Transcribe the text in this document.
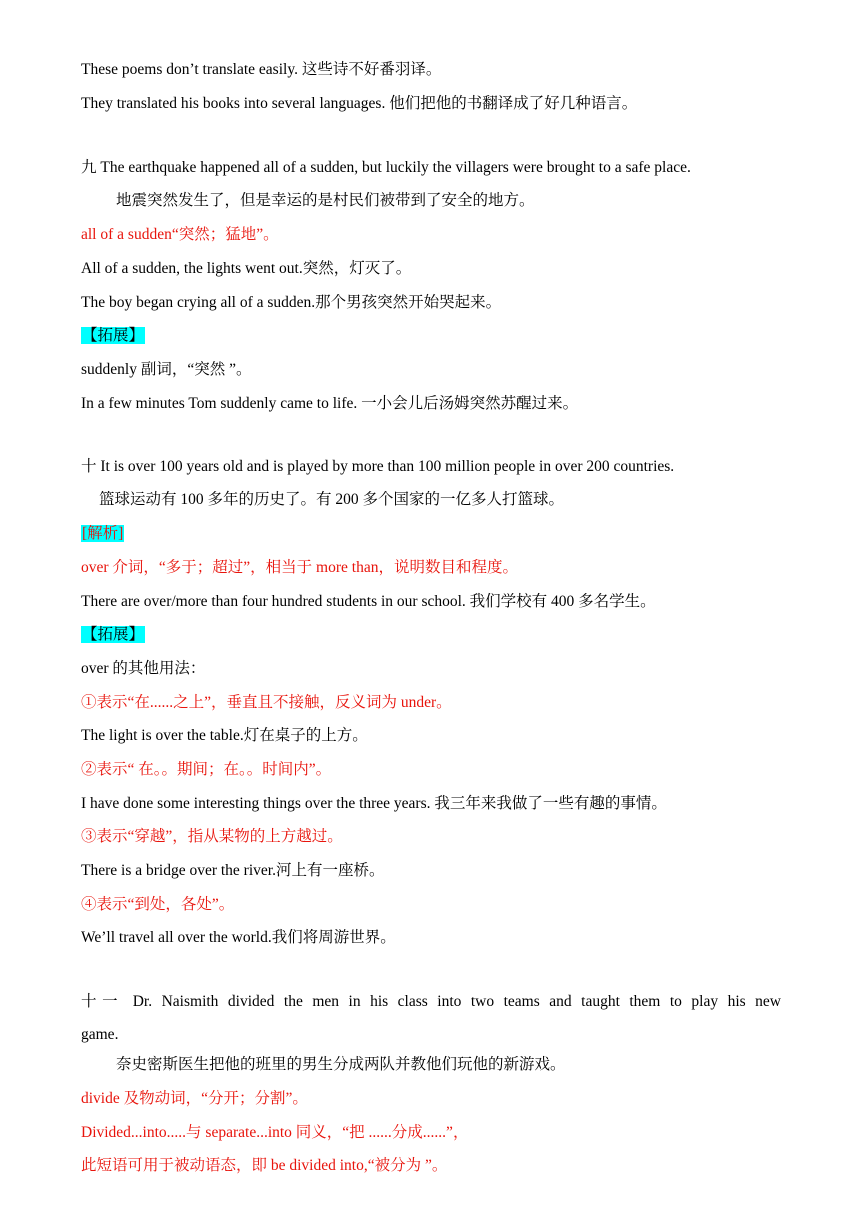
These poems don’t translate easily. 这些诗不好番羽译。
They translated his books into several languages. 他们把他的书翻译成了好几种语言。
九 The earthquake happened all of a sudden, but luckily the villagers were brought to a safe place.
地震突然发生了，但是幸运的是村民们被带到了安全的地方。
all of a sudden“突然；猛地”。
All of a sudden, the lights went out.突然，灯灭了。
The boy began crying all of a sudden.那个男孩突然开始哭起来。
【拓展】
suddenly 副词，“突然 ”。
In a few minutes Tom suddenly came to life. 一小会儿后汤姆突然苏醒过来。
十 It is over 100 years old and is played by more than 100 million people in over 200 countries.
篮球运动有 100 多年的历史了。有 200 多个国家的一亿多人打篮球。
[解析]
over 介词，“多于；超过”，相当于 more than，说明数目和程度。
There are over/more than four hundred students in our school. 我们学校有 400 多名学生。
【拓展】
over 的其他用法：
①表示“在......之上”，垂直且不接触，反义词为 under。
The light is over the table.灯在桌子的上方。
②表示“ 在。。期间；在。。时间内”。
I have done some interesting things over the three years. 我三年来我做了一些有趣的事情。
③表示“穿越”，指从某物的上方越过。
There is a bridge over the river.河上有一座桥。
④表示“到处，各处”。
We’ll travel all over the world.我们将周游世界。
十一 Dr. Naismith divided the men in his class into two teams and taught them to play his new
game.
奈史密斯医生把他的班里的男生分成两队并教他们玩他的新游戏。
divide 及物动词，“分开；分割”。
Divided...into.....与 separate...into 同义，“把 ......分成......”，
此短语可用于被动语态，即 be divided into,“被分为 ”。
